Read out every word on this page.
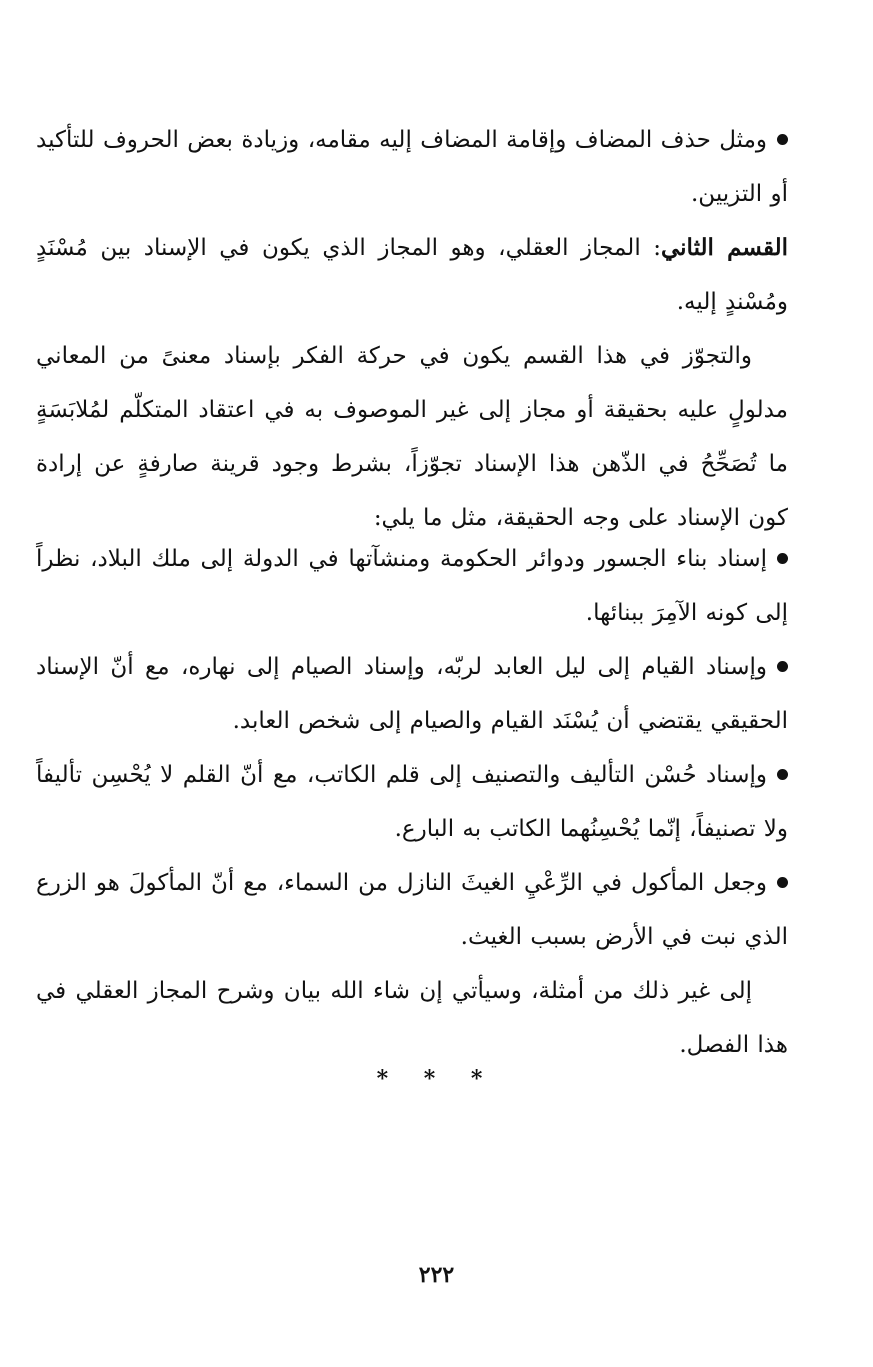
ومثل حذف المضاف وإقامة المضاف إليه مقامه، وزيادة بعض الحروف للتأكيد أو التزيين.

القسم الثاني: المجاز العقلي، وهو المجاز الذي يكون في الإسناد بين مُسْنَدٍ ومُسْندٍ إليه.

والتجوّز في هذا القسم يكون في حركة الفكر بإسناد معنىً من المعاني مدلولٍ عليه بحقيقة أو مجاز إلى غير الموصوف به في اعتقاد المتكلّم لمُلابَسَةٍ ما تُصَحِّحُ في الذّهن هذا الإسناد تجوّزاً، بشرط وجود قرينة صارفةٍ عن إرادة كون الإسناد على وجه الحقيقة، مثل ما يلي:

إسناد بناء الجسور ودوائر الحكومة ومنشآتها في الدولة إلى ملك البلاد، نظراً إلى كونه الآمِرَ ببنائها.

وإسناد القيام إلى ليل العابد لربّه، وإسناد الصيام إلى نهاره، مع أنّ الإسناد الحقيقي يقتضي أن يُسْنَد القيام والصيام إلى شخص العابد.

وإسناد حُسْن التأليف والتصنيف إلى قلم الكاتب، مع أنّ القلم لا يُحْسِن تأليفاً ولا تصنيفاً، إنّما يُحْسِنُهما الكاتب به البارع.

وجعل المأكول في الرِّعْيِ الغيثَ النازل من السماء، مع أنّ المأكولَ هو الزرع الذي نبت في الأرض بسبب الغيث.

إلى غير ذلك من أمثلة، وسيأتي إن شاء الله بيان وشرح المجاز العقلي في هذا الفصل.

* * *
٢٢٢
